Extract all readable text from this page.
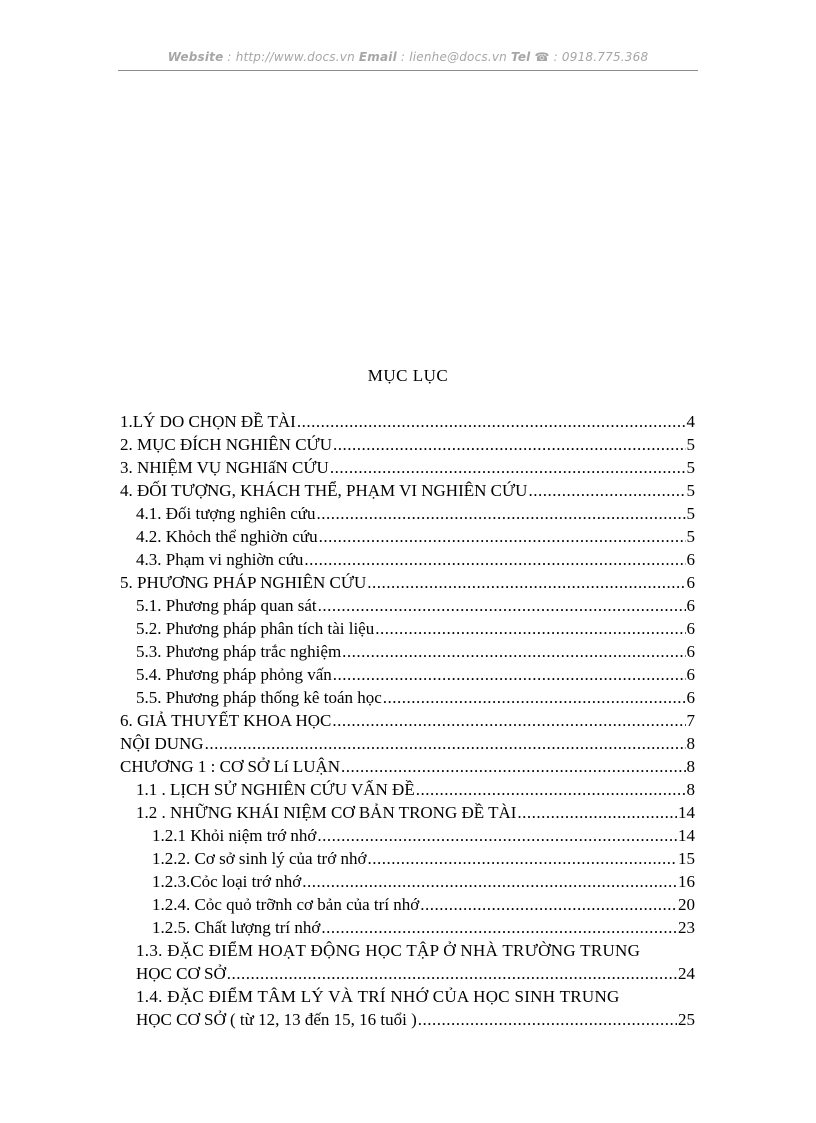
Website : http://www.docs.vn Email : lienhe@docs.vn Tel ☎ : 0918.775.368
MỤC LỤC
1.LÝ DO CHỌN ĐỀ TÀI .....	4
2. MỤC ĐÍCH NGHIÊN CỨU .....	5
3. NHIỆM VỤ NGHIấN CỨU .....	5
4. ĐỐI TƯỢNG, KHÁCH THỂ, PHẠM VI NGHIÊN CỨU .....	5
4.1. Đối tượng nghiên cứu .....	5
4.2. Khỏch thể nghiờn cứu .....	5
4.3. Phạm vi nghiờn cứu .....	6
5. PHƯƠNG PHÁP NGHIÊN CỨU .....	6
5.1. Phương pháp quan sát .....	6
5.2. Phương pháp phân tích tài liệu .....	6
5.3. Phương pháp trắc nghiệm .....	6
5.4. Phương pháp phỏng vấn .....	6
5.5. Phương pháp thống kê toán học .....	6
6. GIẢ THUYẾT KHOA HỌC .....	7
NỘI DUNG .....	8
CHƯƠNG 1 : CƠ SỞ Lí LUẬN .....	8
1.1 . LỊCH SỬ NGHIÊN CỨU VẤN ĐỀ .....	8
1.2 . NHỮNG KHÁI NIỆM CƠ BẢN TRONG ĐỀ TÀI .....	14
1.2.1 Khỏi niệm trớ nhớ .....	14
1.2.2. Cơ sở sinh lý của trớ nhớ .....	15
1.2.3.Cỏc loại trớ nhớ .....	16
1.2.4. Cỏc quỏ trỡnh cơ bản của trí nhớ .....	20
1.2.5. Chất lượng trí nhớ .....	23
1.3. ĐẶC ĐIỂM HOẠT ĐỘNG HỌC TẬP Ở NHÀ TRƯỜNG TRUNG
HỌC CƠ SỞ .....	24
1.4. ĐẶC ĐIỂM TÂM LÝ VÀ TRÍ NHỚ CỦA HỌC SINH TRUNG
HỌC CƠ SỞ ( từ 12, 13 đến 15, 16 tuổi ) .....	25
